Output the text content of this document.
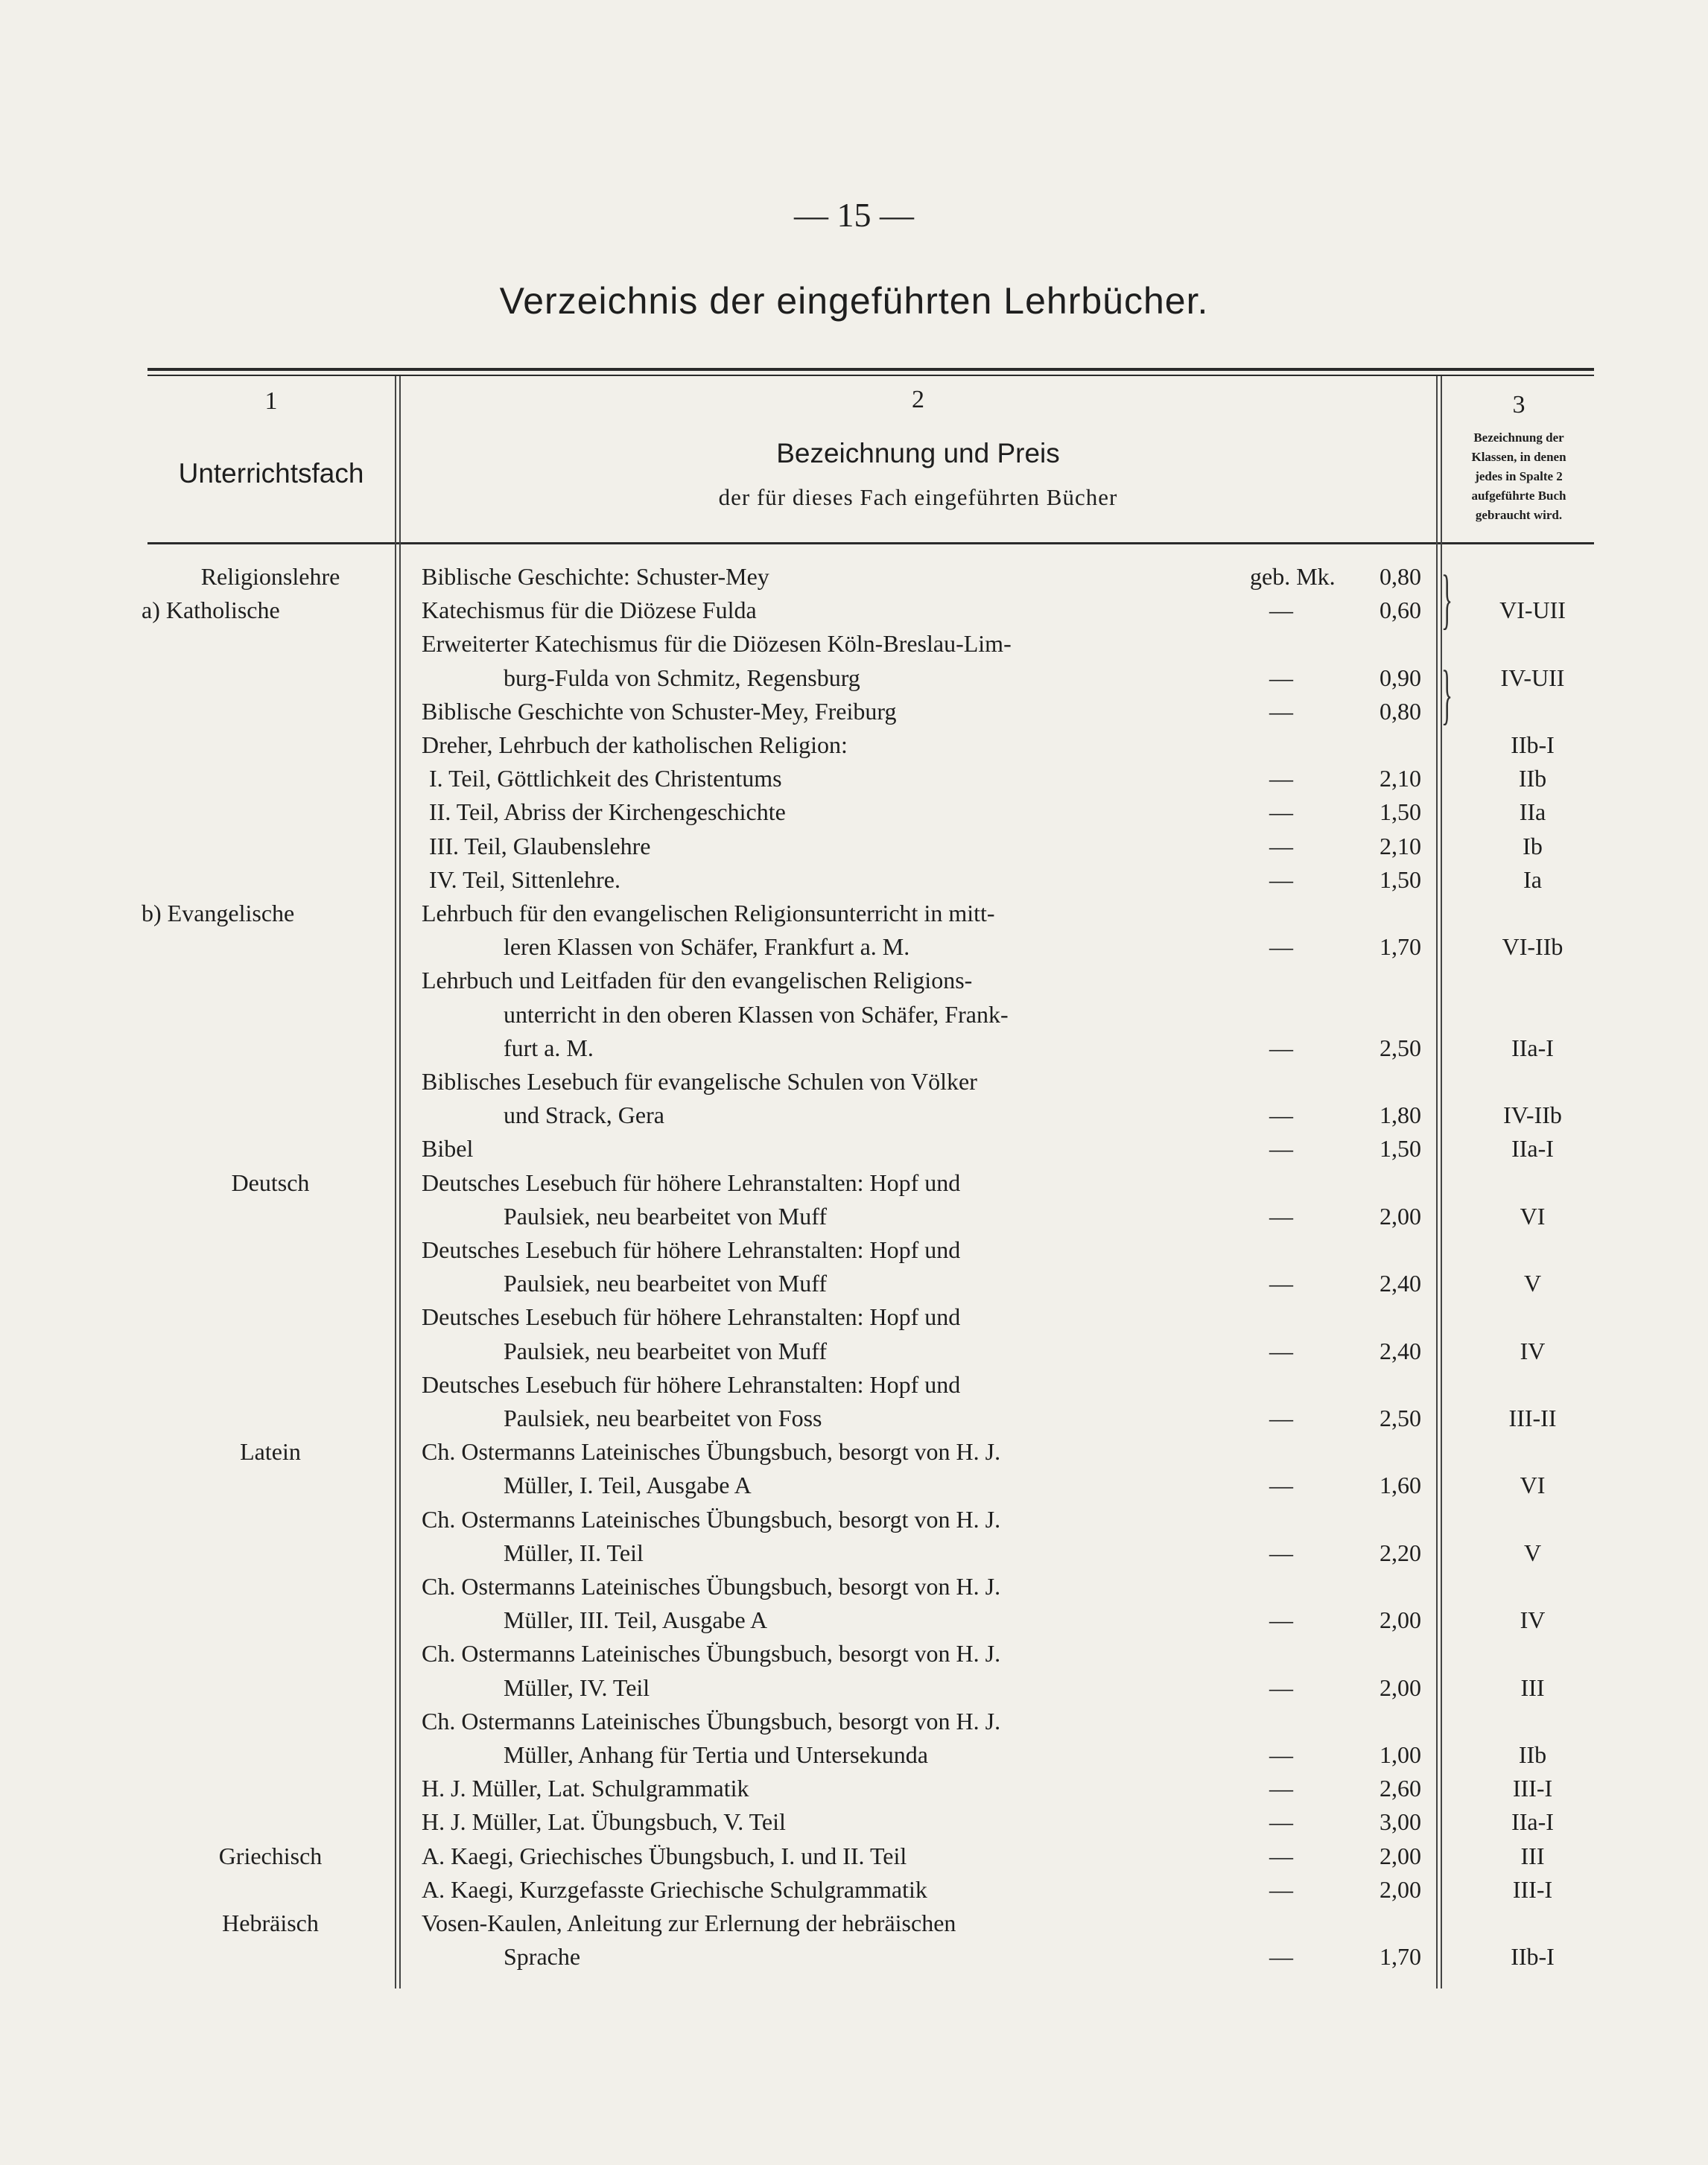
— 15 —
Verzeichnis der eingeführten Lehrbücher.
1
Unterrichtsfach
2
Bezeichnung und Preis
der für dieses Fach eingeführten Bücher
3
Bezeichnung der
Klassen, in denen
jedes in Spalte 2
aufgeführte Buch
gebraucht wird.
}
}
Religionslehre	Biblische Geschichte: Schuster-Mey	geb. Mk.	0,80
a) Katholische	Katechismus für die Diözese Fulda	—	0,60	VI-UII
Erweiterter Katechismus für die Diözesen Köln-Breslau-Lim-
burg-Fulda von Schmitz, Regensburg	—	0,90	IV-UII
Biblische Geschichte von Schuster-Mey, Freiburg	—	0,80
Dreher, Lehrbuch der katholischen Religion:	IIb-I
I. Teil, Göttlichkeit des Christentums	—	2,10	IIb
II. Teil, Abriss der Kirchengeschichte	—	1,50	IIa
III. Teil, Glaubenslehre	—	2,10	Ib
IV. Teil, Sittenlehre.	—	1,50	Ia
b) Evangelische	Lehrbuch für den evangelischen Religionsunterricht in mitt-
leren Klassen von Schäfer, Frankfurt a. M.	—	1,70	VI-IIb
Lehrbuch und Leitfaden für den evangelischen Religions-
unterricht in den oberen Klassen von Schäfer, Frank-
furt a. M.	—	2,50	IIa-I
Biblisches Lesebuch für evangelische Schulen von Völker
und Strack, Gera	—	1,80	IV-IIb
Bibel	—	1,50	IIa-I
Deutsch	Deutsches Lesebuch für höhere Lehranstalten: Hopf und
Paulsiek, neu bearbeitet von Muff	—	2,00	VI
Deutsches Lesebuch für höhere Lehranstalten: Hopf und
Paulsiek, neu bearbeitet von Muff	—	2,40	V
Deutsches Lesebuch für höhere Lehranstalten: Hopf und
Paulsiek, neu bearbeitet von Muff	—	2,40	IV
Deutsches Lesebuch für höhere Lehranstalten: Hopf und
Paulsiek, neu bearbeitet von Foss	—	2,50	III-II
Latein	Ch. Ostermanns Lateinisches Übungsbuch, besorgt von H. J.
Müller, I. Teil, Ausgabe A	—	1,60	VI
Ch. Ostermanns Lateinisches Übungsbuch, besorgt von H. J.
Müller, II. Teil	—	2,20	V
Ch. Ostermanns Lateinisches Übungsbuch, besorgt von H. J.
Müller, III. Teil, Ausgabe A	—	2,00	IV
Ch. Ostermanns Lateinisches Übungsbuch, besorgt von H. J.
Müller, IV. Teil	—	2,00	III
Ch. Ostermanns Lateinisches Übungsbuch, besorgt von H. J.
Müller, Anhang für Tertia und Untersekunda	—	1,00	IIb
H. J. Müller, Lat. Schulgrammatik	—	2,60	III-I
H. J. Müller, Lat. Übungsbuch, V. Teil	—	3,00	IIa-I
Griechisch	A. Kaegi, Griechisches Übungsbuch, I. und II. Teil	—	2,00	III
A. Kaegi, Kurzgefasste Griechische Schulgrammatik	—	2,00	III-I
Hebräisch	Vosen-Kaulen, Anleitung zur Erlernung der hebräischen
Sprache	—	1,70	IIb-I
